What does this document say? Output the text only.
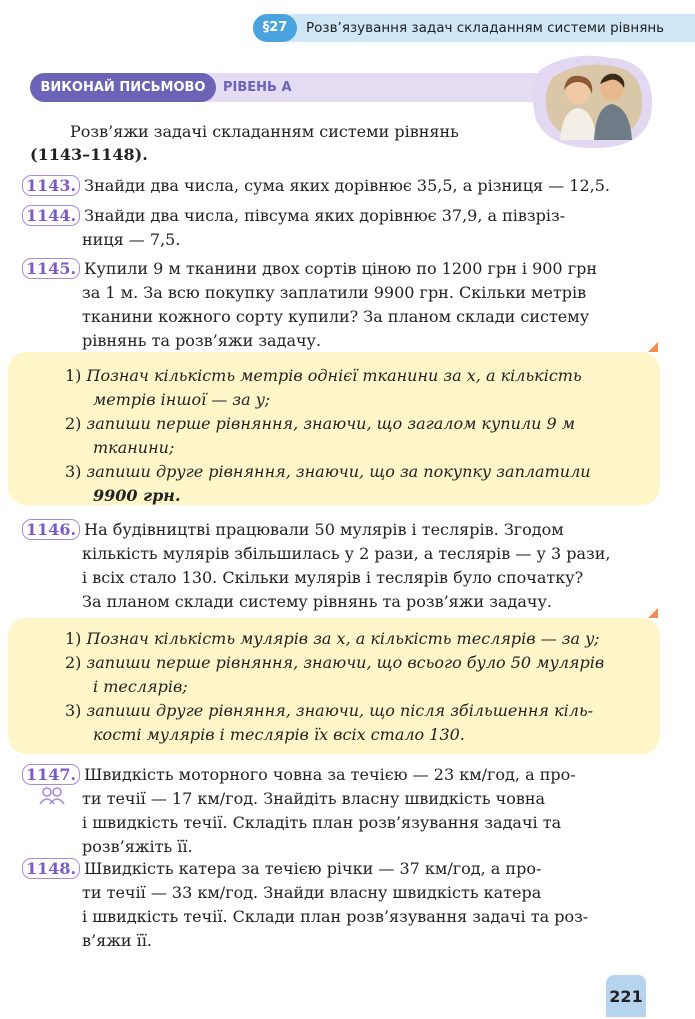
§27	Розв’язування задач складанням системи рівнянь
ВИКОНАЙ ПИСЬМОВО	РІВЕНЬ А
Розв’яжи задачі складанням системи рівнянь
(1143–1148).
1143. Знайди два числа, сума яких дорівнює 35,5, а різниця — 12,5.
1144. Знайди два числа, півсума яких дорівнює 37,9, а півзріз-
ниця — 7,5.
1145. Купили 9 м тканини двох сортів ціною по 1200 грн і 900 грн
за 1 м. За всю покупку заплатили 9900 грн. Скільки метрів
тканини кожного сорту купили? За планом склади систему
рівнянь та розв’яжи задачу.
1) Познач кількість метрів однієї тканини за x, а кількість
метрів іншої — за y;
2) запиши перше рівняння, знаючи, що загалом купили 9 м
тканини;
3) запиши друге рівняння, знаючи, що за покупку заплатили
9900 грн.
1146. На будівництві працювали 50 мулярів і теслярів. Згодом
кількість мулярів збільшилась у 2 рази, а теслярів — у 3 рази,
і всіх стало 130. Скільки мулярів і теслярів було спочатку?
За планом склади систему рівнянь та розв’яжи задачу.
1) Познач кількість мулярів за x, а кількість теслярів — за y;
2) запиши перше рівняння, знаючи, що всього було 50 мулярів
і теслярів;
3) запиши друге рівняння, знаючи, що після збільшення кіль-
кості мулярів і теслярів їх всіх стало 130.
1147. Швидкість моторного човна за течією — 23 км/год, а про-
ти течії — 17 км/год. Знайдіть власну швидкість човна
і швидкість течії. Складіть план розв’язування задачі та
розв’яжіть її.
1148. Швидкість катера за течією річки — 37 км/год, а про-
ти течії — 33 км/год. Знайди власну швидкість катера
і швидкість течії. Склади план розв’язування задачі та роз-
в’яжи її.
221
